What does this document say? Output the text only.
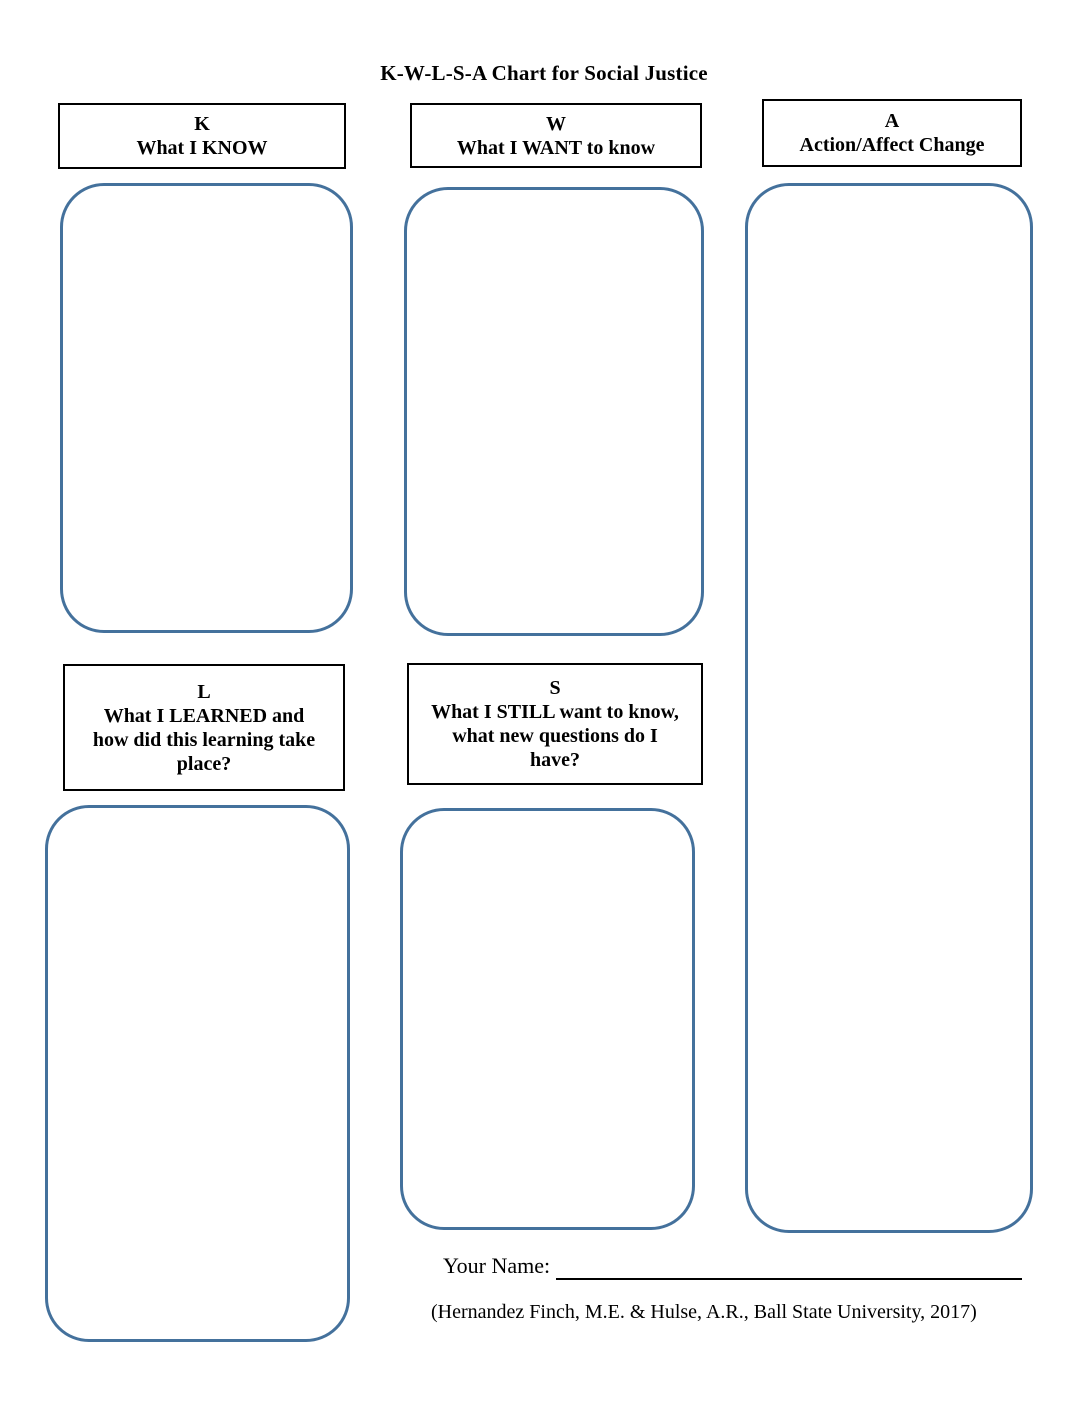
K-W-L-S-A Chart for Social Justice
K
What I KNOW
W
What I WANT to know
A
Action/Affect Change
L
What I LEARNED and
how did this learning take
place?
S
What I STILL want to know,
what new questions do I
have?
Your Name:
(Hernandez Finch, M.E. & Hulse, A.R., Ball State University, 2017)
